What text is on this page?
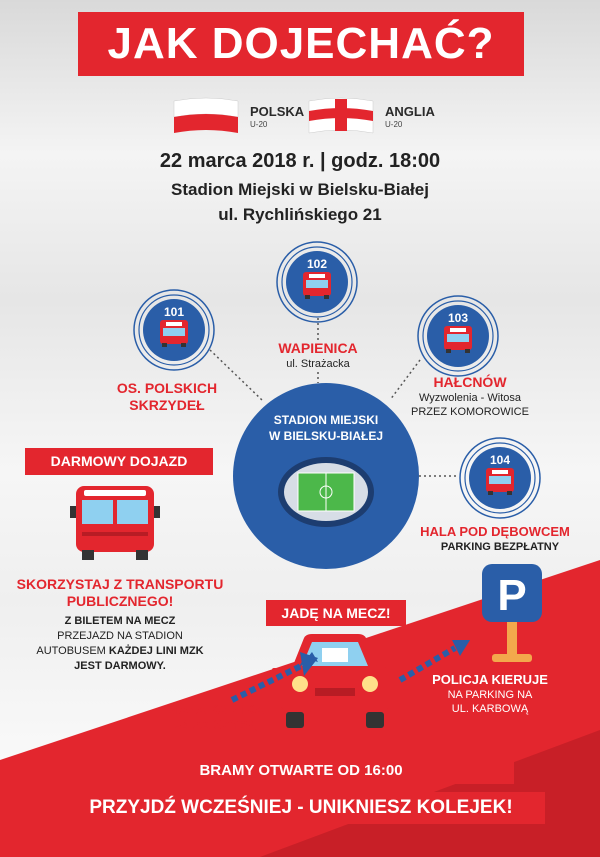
JAK DOJECHAĆ?
POLSKA
U-20
ANGLIA
U-20
22 marca 2018 r. | godz. 18:00
Stadion Miejski w Bielsku-Białej
ul. Rychlińskiego 21
102
101	103
104
WAPIENICA
ul. Strażacka
OS. POLSKICH
SKRZYDEŁ
HAŁCNÓW
Wyzwolenia - Witosa
PRZEZ KOMOROWICE
HALA POD DĘBOWCEM
PARKING BEZPŁATNY
STADION MIEJSKI
W BIELSKU-BIAŁEJ
DARMOWY DOJAZD
SKORZYSTAJ Z TRANSPORTU
PUBLICZNEGO!
Z BILETEM NA MECZ
PRZEJAZD NA STADION
AUTOBUSEM KAŻDEJ LINI MZK
JEST DARMOWY.
JADĘ NA MECZ!
BIAŁA KARTKA
A4 ZA SZYBĄ
P
POLICJA KIERUJE
NA PARKING NA
UL. KARBOWĄ
BRAMY OTWARTE OD 16:00
PRZYJDŹ WCZEŚNIEJ - UNIKNIESZ KOLEJEK!
